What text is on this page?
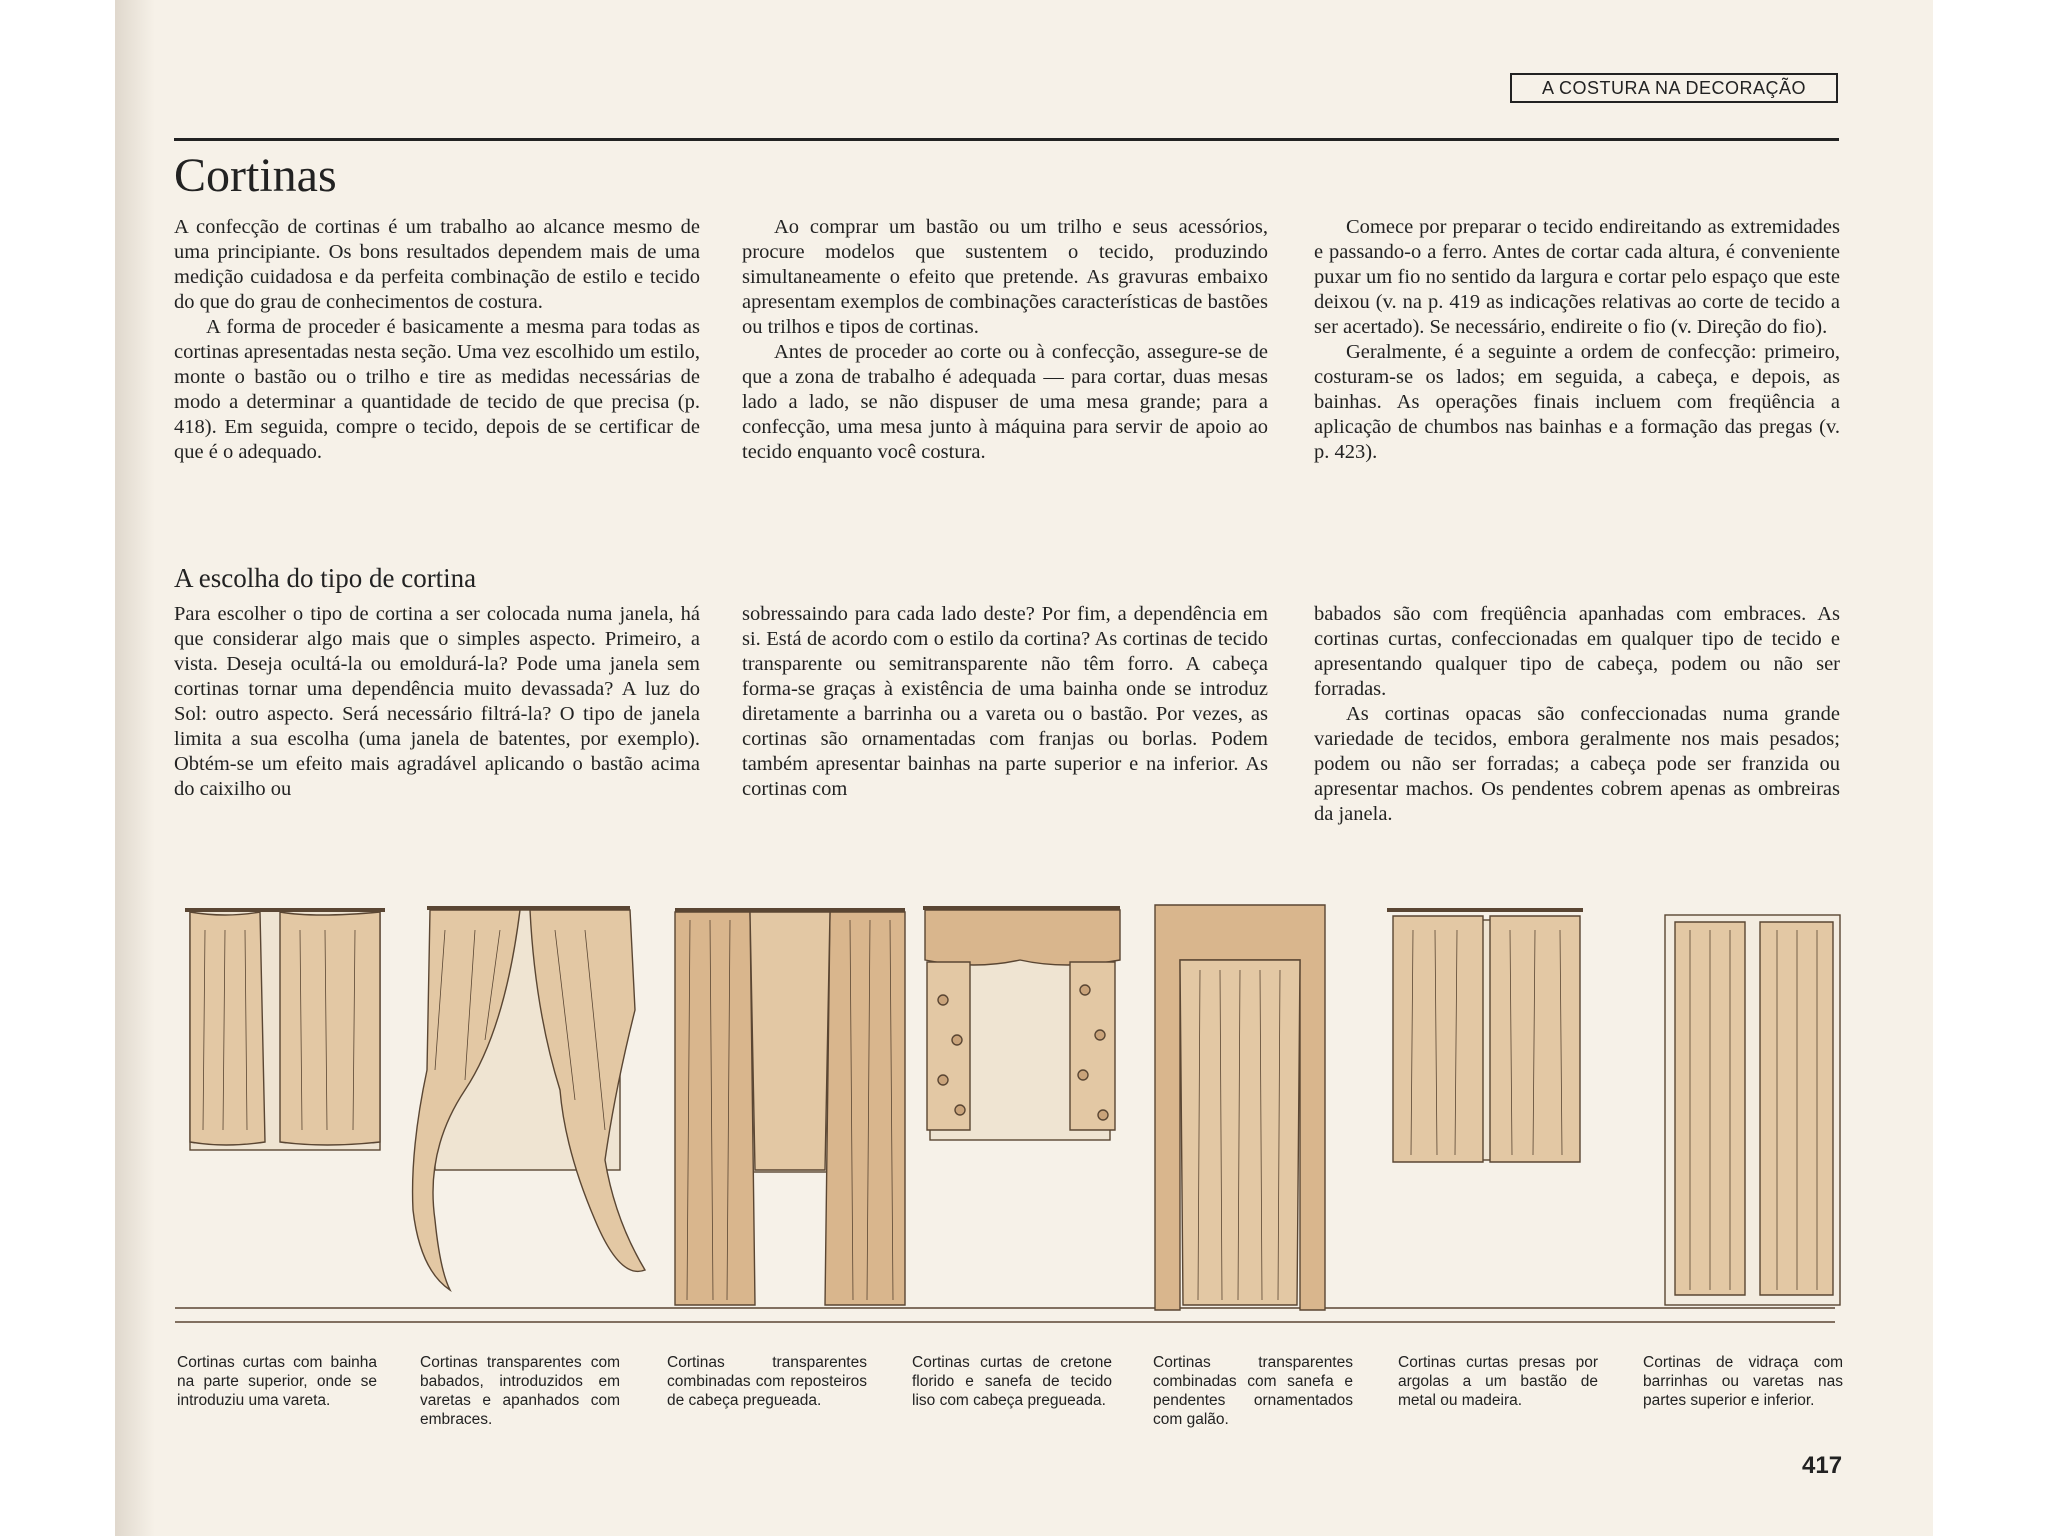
A COSTURA NA DECORAÇÃO
Cortinas

A confecção de cortinas é um trabalho ao alcance mesmo de uma principiante. Os bons resultados dependem mais de uma medição cuidadosa e da perfeita combinação de estilo e tecido do que do grau de conhecimentos de costura.

A forma de proceder é basicamente a mesma para todas as cortinas apresentadas nesta seção. Uma vez escolhido um estilo, monte o bastão ou o trilho e tire as medidas necessárias de modo a determinar a quantidade de tecido de que precisa (p. 418). Em seguida, compre o tecido, depois de se certificar de que é o adequado.

Ao comprar um bastão ou um trilho e seus acessórios, procure modelos que sustentem o tecido, produzindo simultaneamente o efeito que pretende. As gravuras embaixo apresentam exemplos de combinações características de bastões ou trilhos e tipos de cortinas.

Antes de proceder ao corte ou à confecção, assegure-se de que a zona de trabalho é adequada — para cortar, duas mesas lado a lado, se não dispuser de uma mesa grande; para a confecção, uma mesa junto à máquina para servir de apoio ao tecido enquanto você costura.

Comece por preparar o tecido endireitando as extremidades e passando-o a ferro. Antes de cortar cada altura, é conveniente puxar um fio no sentido da largura e cortar pelo espaço que este deixou (v. na p. 419 as indicações relativas ao corte de tecido a ser acertado). Se necessário, endireite o fio (v. Direção do fio).

Geralmente, é a seguinte a ordem de confecção: primeiro, costuram-se os lados; em seguida, a cabeça, e depois, as bainhas. As operações finais incluem com freqüência a aplicação de chumbos nas bainhas e a formação das pregas (v. p. 423).

A escolha do tipo de cortina

Para escolher o tipo de cortina a ser colocada numa janela, há que considerar algo mais que o simples aspecto. Primeiro, a vista. Deseja ocultá-la ou emoldurá-la? Pode uma janela sem cortinas tornar uma dependência muito devassada? A luz do Sol: outro aspecto. Será necessário filtrá-la? O tipo de janela limita a sua escolha (uma janela de batentes, por exemplo). Obtém-se um efeito mais agradável aplicando o bastão acima do caixilho ou

sobressaindo para cada lado deste? Por fim, a dependência em si. Está de acordo com o estilo da cortina? As cortinas de tecido transparente ou semitransparente não têm forro. A cabeça forma-se graças à existência de uma bainha onde se introduz diretamente a barrinha ou a vareta ou o bastão. Por vezes, as cortinas são ornamentadas com franjas ou borlas. Podem também apresentar bainhas na parte superior e na inferior. As cortinas com

babados são com freqüência apanhadas com embraces. As cortinas curtas, confeccionadas em qualquer tipo de tecido e apresentando qualquer tipo de cabeça, podem ou não ser forradas.

As cortinas opacas são confeccionadas numa grande variedade de tecidos, embora geralmente nos mais pesados; podem ou não ser forradas; a cabeça pode ser franzida ou apresentar machos. Os pendentes cobrem apenas as ombreiras da janela.

Cortinas curtas com bainha na parte superior, onde se introduziu uma vareta.
Cortinas transparentes com babados, introduzidos em varetas e apanhados com embraces.
Cortinas transparentes combinadas com reposteiros de cabeça pregueada.
Cortinas curtas de cretone florido e sanefa de tecido liso com cabeça pregueada.
Cortinas transparentes combinadas com sanefa e pendentes ornamentados com galão.
Cortinas curtas presas por argolas a um bastão de metal ou madeira.
Cortinas de vidraça com barrinhas ou varetas nas partes superior e inferior.
417
